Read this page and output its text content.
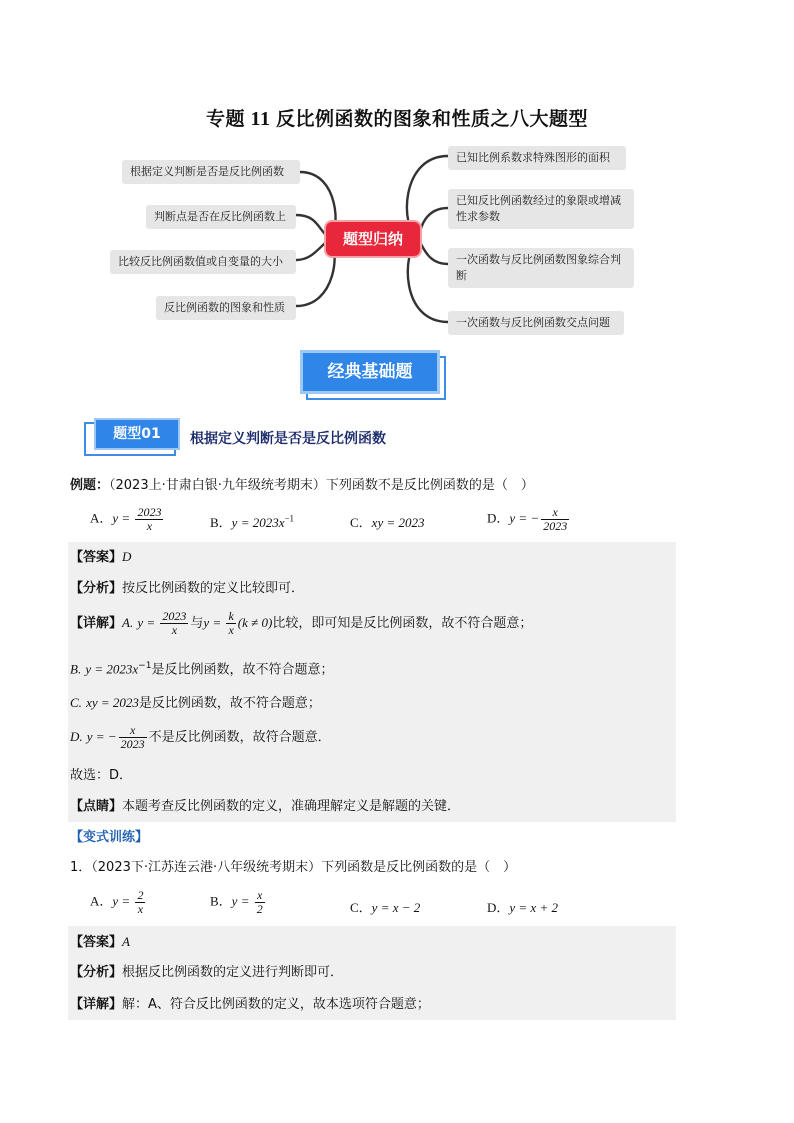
专题 11 反比例函数的图象和性质之八大题型
题型归纳
根据定义判断是否是反比例函数
判断点是否在反比例函数上
比较反比例函数值或自变量的大小
反比例函数的图象和性质
已知比例系数求特殊图形的面积
已知反比例函数经过的象限或增减性求参数
一次函数与反比例函数图象综合判断
一次函数与反比例函数交点问题
经典基础题
题型01	根据定义判断是否是反比例函数
例题：（2023上·甘肃白银·九年级统考期末）下列函数不是反比例函数的是（　）
A．$y = \frac{2023}{x}$	B．$y = 2023x^{-1}$	C．xy = 2023	D．y = − $\frac{x}{2023}$
【答案】D
【分析】按反比例函数的定义比较即可．
【详解】A. $y = \frac{2023}{x}$ 与$y = \frac{k}{x} (k \ne 0)$比较，即可知是反比例函数，故不符合题意；
B. $y = 2023x^{-1}$是反比例函数，故不符合题意；
C. xy = 2023是反比例函数，故不符合题意；
D. y = − $\frac{x}{2023}$ 不是反比例函数，故符合题意．
故选：D．
【点睛】本题考查反比例函数的定义，准确理解定义是解题的关键．
【变式训练】
1．（2023下·江苏连云港·八年级统考期末）下列函数是反比例函数的是（　）
A．$y = \frac{2}{x}$	B．$y = \frac{x}{2}$	C．y = x − 2	D．y = x + 2
【答案】A
【分析】根据反比例函数的定义进行判断即可．
【详解】解：A、符合反比例函数的定义，故本选项符合题意；
